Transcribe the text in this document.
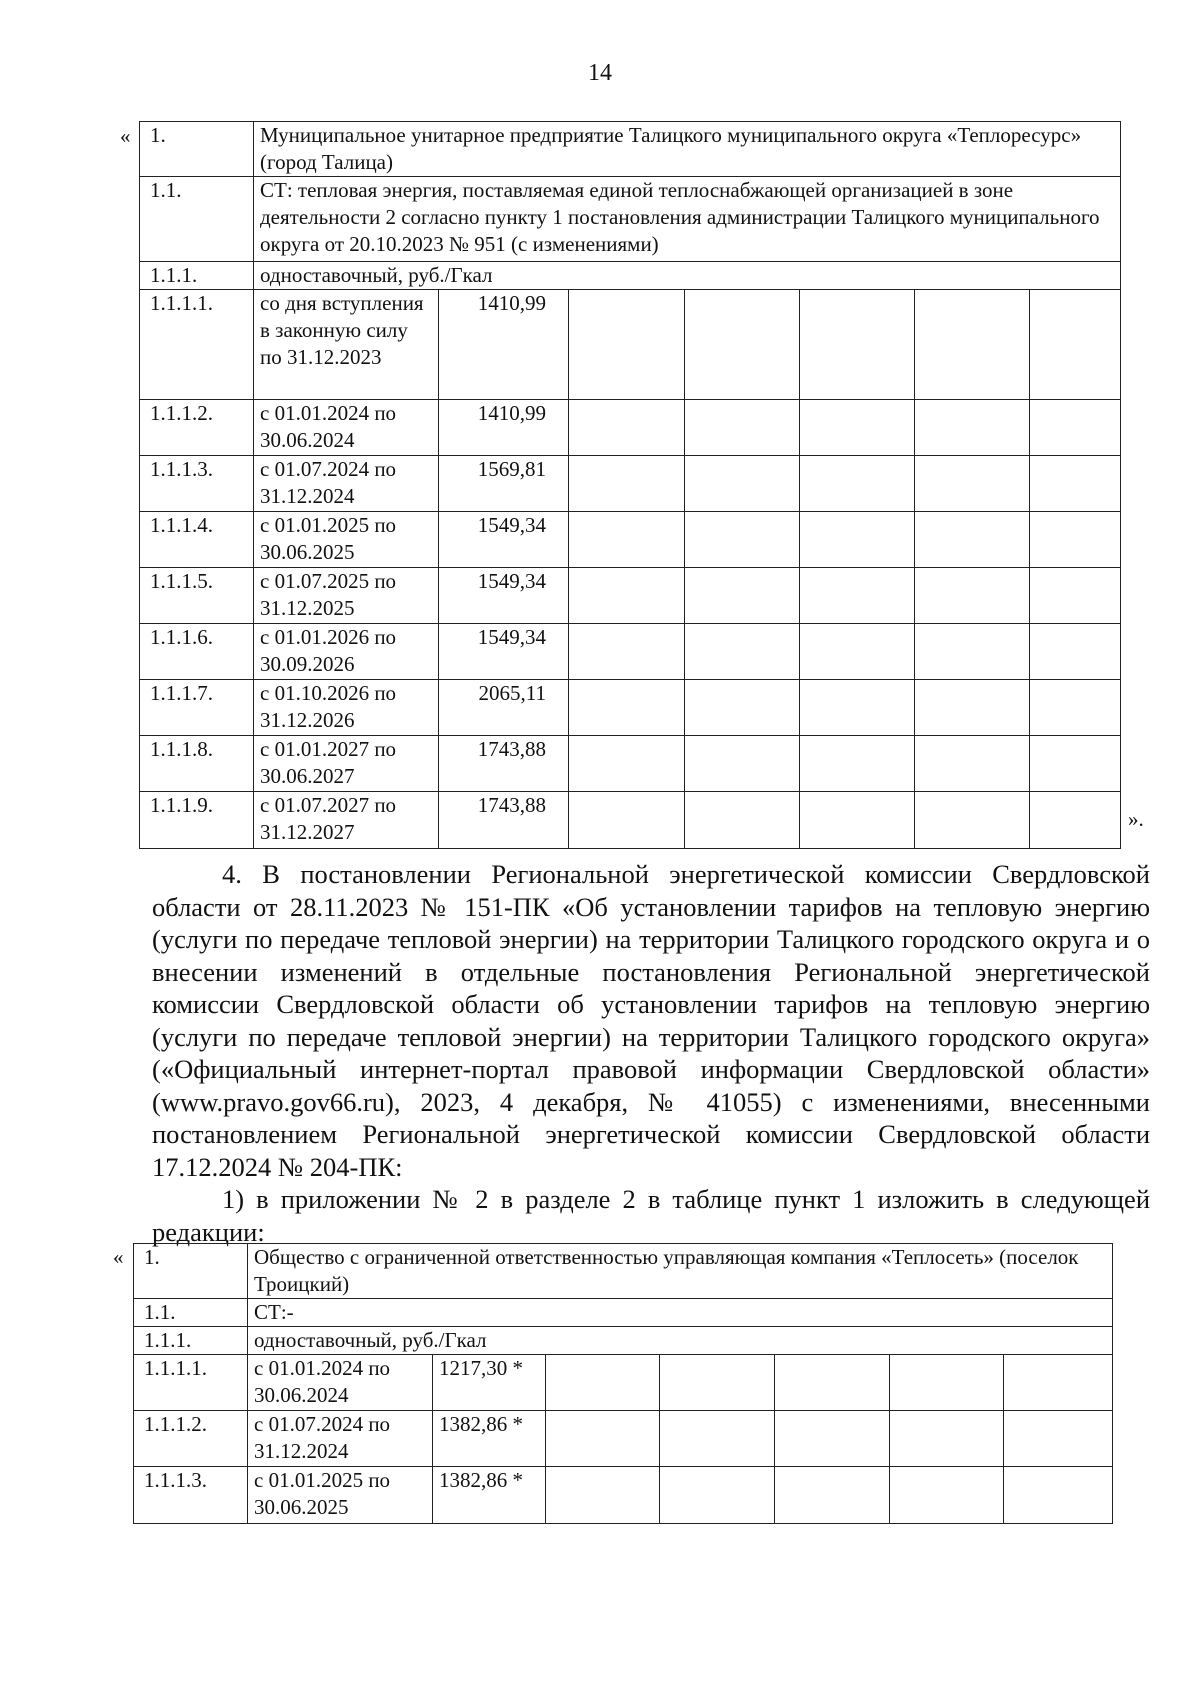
14
« 1.	Муниципальное унитарное предприятие Талицкого муниципального округа «Теплоресурс» (город Талица)						
1.1.	СТ: тепловая энергия, поставляемая единой теплоснабжающей организацией в зоне деятельности 2 согласно пункту 1 постановления администрации Талицкого муниципального округа от 20.10.2023 № 951 (с изменениями)						
1.1.1.	одноставочный, руб./Гкал						
1.1.1.1.	со дня вступления в законную силу по 31.12.2023	1410,99					
1.1.1.2.	с 01.01.2024 по 30.06.2024	1410,99					
1.1.1.3.	с 01.07.2024 по 31.12.2024	1569,81					
1.1.1.4.	с 01.01.2025 по 30.06.2025	1549,34					
1.1.1.5.	с 01.07.2025 по 31.12.2025	1549,34					
1.1.1.6.	с 01.01.2026 по 30.09.2026	1549,34					
1.1.1.7.	с 01.10.2026 по 31.12.2026	2065,11					
1.1.1.8.	с 01.01.2027 по 30.06.2027	1743,88					
1.1.1.9.	с 01.07.2027 по 31.12.2027	1743,88					
».

4. В постановлении Региональной энергетической комиссии Свердловской области от 28.11.2023 № 151-ПК «Об установлении тарифов на тепловую энергию (услуги по передаче тепловой энергии) на территории Талицкого городского округа и о внесении изменений в отдельные постановления Региональной энергетической комиссии Свердловской области об установлении тарифов на тепловую энергию (услуги по передаче тепловой энергии) на территории Талицкого городского округа» («Официальный интернет-портал правовой информации Свердловской области» (www.pravo.gov66.ru), 2023, 4 декабря, № 41055) с изменениями, внесенными постановлением Региональной энергетической комиссии Свердловской области 17.12.2024 № 204-ПК:

1) в приложении № 2 в разделе 2 в таблице пункт 1 изложить в следующей редакции:

« 1.	Общество с ограниченной ответственностью управляющая компания «Теплосеть» (поселок Троицкий)						
1.1.	СТ:-						
1.1.1.	одноставочный, руб./Гкал						
1.1.1.1.	с 01.01.2024 по 30.06.2024	1217,30 *					
1.1.1.2.	с 01.07.2024 по 31.12.2024	1382,86 *					
1.1.1.3.	с 01.01.2025 по 30.06.2025	1382,86 *					
